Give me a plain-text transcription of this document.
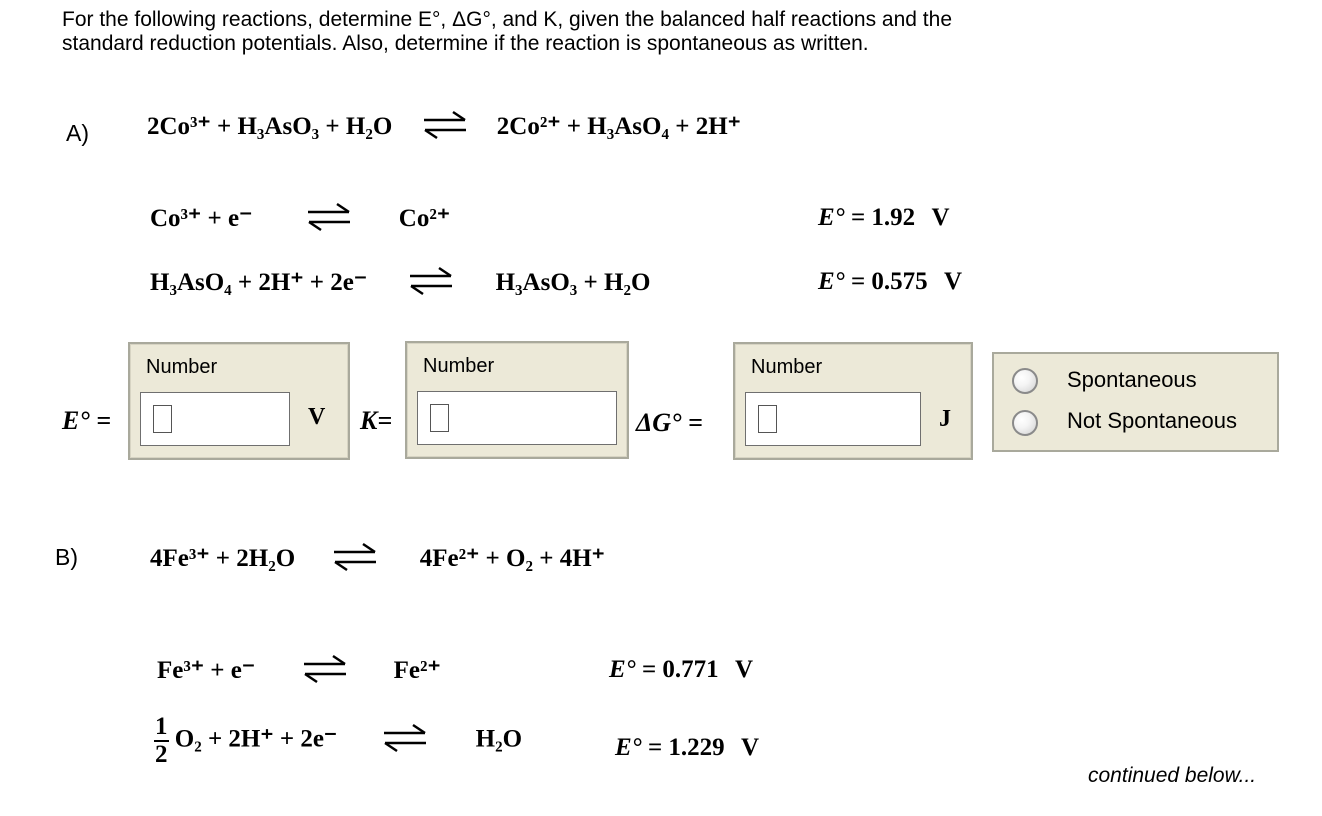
For the following reactions, determine E°, ΔG°, and K, given the balanced half reactions and the
standard reduction potentials. Also, determine if the reaction is spontaneous as written.
A) 2Co³⁺ + H₃AsO₃ + H₂O ⇌ 2Co²⁺ + H₃AsO₄ + 2H⁺
Co³⁺ + e⁻	Co²⁺	E° = 1.92 V
H₃AsO₄ + 2H⁺ + 2e⁻	H₃AsO₃ + H₂O	E° = 0.575 V
E° =
Number
V K=
Number
ΔG° =
Number
J
Spontaneous
Not Spontaneous
B)	4Fe³⁺ + 2H₂O ⇌ 4Fe²⁺ + O₂ + 4H⁺
Fe³⁺ + e⁻	Fe²⁺	E° = 0.771 V
$\frac{1}{2} O_2 + 2H^+ + 2e^-$	H₂O	E° = 1.229 V
continued below...
